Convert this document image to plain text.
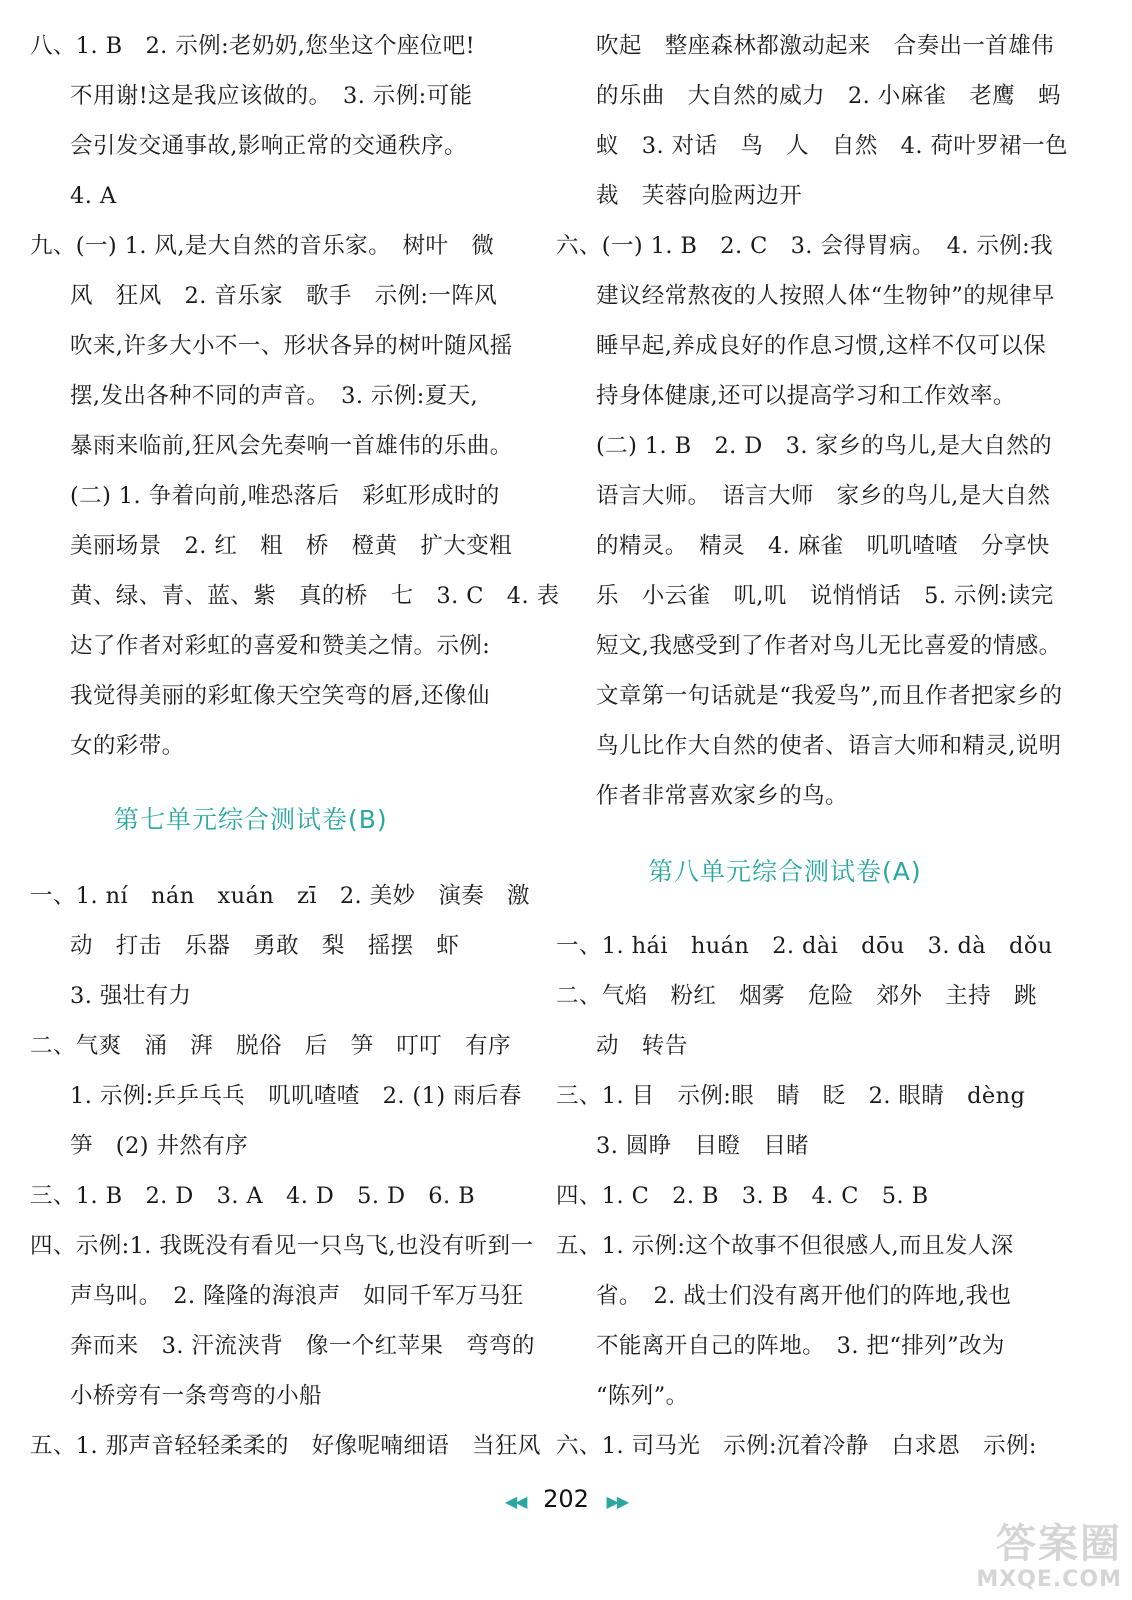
八、1. B　2. 示例:老奶奶,您坐这个座位吧!
不用谢!这是我应该做的。　3. 示例:可能
会引发交通事故,影响正常的交通秩序。
4. A
九、(一) 1. 风,是大自然的音乐家。　树叶　微
风　狂风　2. 音乐家　歌手　示例:一阵风
吹来,许多大小不一、形状各异的树叶随风摇
摆,发出各种不同的声音。　3. 示例:夏天,
暴雨来临前,狂风会先奏响一首雄伟的乐曲。
(二) 1. 争着向前,唯恐落后　彩虹形成时的
美丽场景　2. 红　粗　桥　橙黄　扩大变粗
黄、绿、青、蓝、紫　真的桥　七　3. C　4. 表
达了作者对彩虹的喜爱和赞美之情。示例:
我觉得美丽的彩虹像天空笑弯的唇,还像仙
女的彩带。
第七单元综合测试卷(B)
一、1. ní　nán　xuán　zī　2. 美妙　演奏　激
动　打击　乐器　勇敢　梨　摇摆　虾
3. 强壮有力
二、气爽　涌　湃　脱俗　后　笋　叮叮　有序
1. 示例:乒乒乓乓　叽叽喳喳　2. (1) 雨后春
笋　(2) 井然有序
三、1. B　2. D　3. A　4. D　5. D　6. B
四、示例:1. 我既没有看见一只鸟飞,也没有听到一
声鸟叫。　2. 隆隆的海浪声　如同千军万马狂
奔而来　3. 汗流浃背　像一个红苹果　弯弯的
小桥旁有一条弯弯的小船
五、1. 那声音轻轻柔柔的　好像呢喃细语　当狂风
吹起　整座森林都激动起来　合奏出一首雄伟
的乐曲　大自然的威力　2. 小麻雀　老鹰　蚂
蚁　3. 对话　鸟　人　自然　4. 荷叶罗裙一色
裁　芙蓉向脸两边开
六、(一) 1. B　2. C　3. 会得胃病。　4. 示例:我
建议经常熬夜的人按照人体“生物钟”的规律早
睡早起,养成良好的作息习惯,这样不仅可以保
持身体健康,还可以提高学习和工作效率。
(二) 1. B　2. D　3. 家乡的鸟儿,是大自然的
语言大师。　语言大师　家乡的鸟儿,是大自然
的精灵。　精灵　4. 麻雀　叽叽喳喳　分享快
乐　小云雀　叽,叽　说悄悄话　5. 示例:读完
短文,我感受到了作者对鸟儿无比喜爱的情感。
文章第一句话就是“我爱鸟”,而且作者把家乡的
鸟儿比作大自然的使者、语言大师和精灵,说明
作者非常喜欢家乡的鸟。
第八单元综合测试卷(A)
一、1. hái　huán　2. dài　dōu　3. dà　dǒu
二、气焰　粉红　烟雾　危险　郊外　主持　跳
动　转告
三、1. 目　示例:眼　睛　眨　2. 眼睛　dèng
3. 圆睁　目瞪　目睹
四、1. C　2. B　3. B　4. C　5. B
五、1. 示例:这个故事不但很感人,而且发人深
省。　2. 战士们没有离开他们的阵地,我也
不能离开自己的阵地。　3. 把“排列”改为
“陈列”。
六、1. 司马光　示例:沉着冷静　白求恩　示例:
◀◀ 202 ▶▶
答案圈
MXQE.COM
